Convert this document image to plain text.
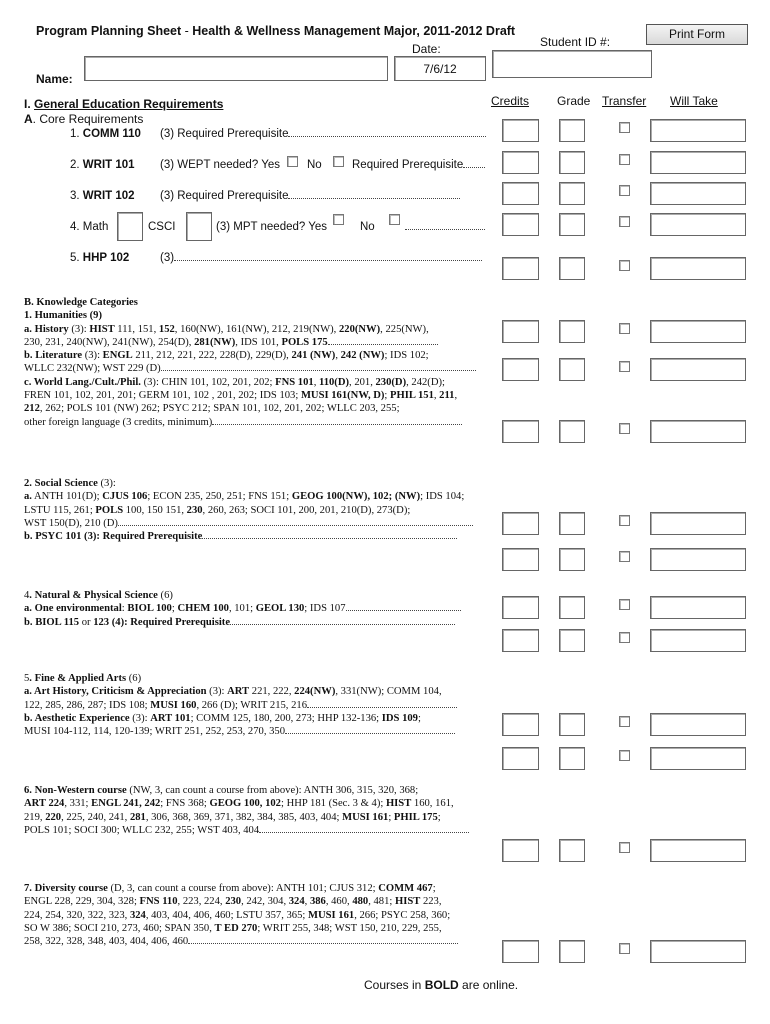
Program Planning Sheet - Health & Wellness Management Major, 2011-2012 Draft
Date:
7/6/12
Student ID #:
Print Form
Name:
Credits Grade Transfer Will Take
I. General Education Requirements
A. Core Requirements
1. COMM 110 (3) Required Prerequisite
2. WRIT 101 (3) WEPT needed? Yes No	Required Prerequisite
3. WRIT 102 (3) Required Prerequisite
4. Math	CSCI	(3) MPT needed? Yes	No
5. HHP 102	(3)
B. Knowledge Categories
1. Humanities (9)
a. History (3): HIST 111, 151, 152, 160(NW), 161(NW), 212, 219(NW), 220(NW), 225(NW),
230, 231, 240(NW), 241(NW), 254(D), 281(NW), IDS 101, POLS 175
b. Literature (3): ENGL 211, 212, 221, 222, 228(D), 229(D), 241 (NW), 242 (NW); IDS 102;
WLLC 232(NW); WST 229 (D)
c. World Lang./Cult./Phil. (3): CHIN 101, 102, 201, 202; FNS 101, 110(D), 201, 230(D), 242(D);
FREN 101, 102, 201, 201; GERM 101, 102 , 201, 202; IDS 103; MUSI 161(NW, D); PHIL 151, 211,
212, 262; POLS 101 (NW) 262; PSYC 212; SPAN 101, 102, 201, 202; WLLC 203, 255;
other foreign language (3 credits, minimum)
2. Social Science (3):
a. ANTH 101(D); CJUS 106; ECON 235, 250, 251; FNS 151; GEOG 100(NW), 102; (NW); IDS 104;
LSTU 115, 261; POLS 100, 150 151, 230, 260, 263; SOCI 101, 200, 201, 210(D), 273(D);
WST 150(D), 210 (D)
b. PSYC 101 (3): Required Prerequisite
4. Natural & Physical Science (6)
a. One environmental: BIOL 100; CHEM 100, 101; GEOL 130; IDS 107
b. BIOL 115 or 123 (4): Required Prerequisite
5. Fine & Applied Arts (6)
a. Art History, Criticism & Appreciation (3): ART 221, 222, 224(NW), 331(NW); COMM 104,
122, 285, 286, 287; IDS 108; MUSI 160, 266 (D); WRIT 215, 216
b. Aesthetic Experience (3): ART 101; COMM 125, 180, 200, 273; HHP 132-136; IDS 109;
MUSI 104-112, 114, 120-139; WRIT 251, 252, 253, 270, 350
6. Non-Western course (NW, 3, can count a course from above): ANTH 306, 315, 320, 368;
ART 224, 331; ENGL 241, 242; FNS 368; GEOG 100, 102; HHP 181 (Sec. 3 & 4); HIST 160, 161,
219, 220, 225, 240, 241, 281, 306, 368, 369, 371, 382, 384, 385, 403, 404; MUSI 161; PHIL 175;
POLS 101; SOCI 300; WLLC 232, 255; WST 403, 404
7. Diversity course (D, 3, can count a course from above): ANTH 101; CJUS 312; COMM 467;
ENGL 228, 229, 304, 328; FNS 110, 223, 224, 230, 242, 304, 324, 386, 460, 480, 481; HIST 223,
224, 254, 320, 322, 323, 324, 403, 404, 406, 460; LSTU 357, 365; MUSI 161, 266; PSYC 258, 360;
SO W 386; SOCI 210, 273, 460; SPAN 350, T ED 270; WRIT 255, 348; WST 150, 210, 229, 255,
258, 322, 328, 348, 403, 404, 406, 460
Courses in BOLD are online.
